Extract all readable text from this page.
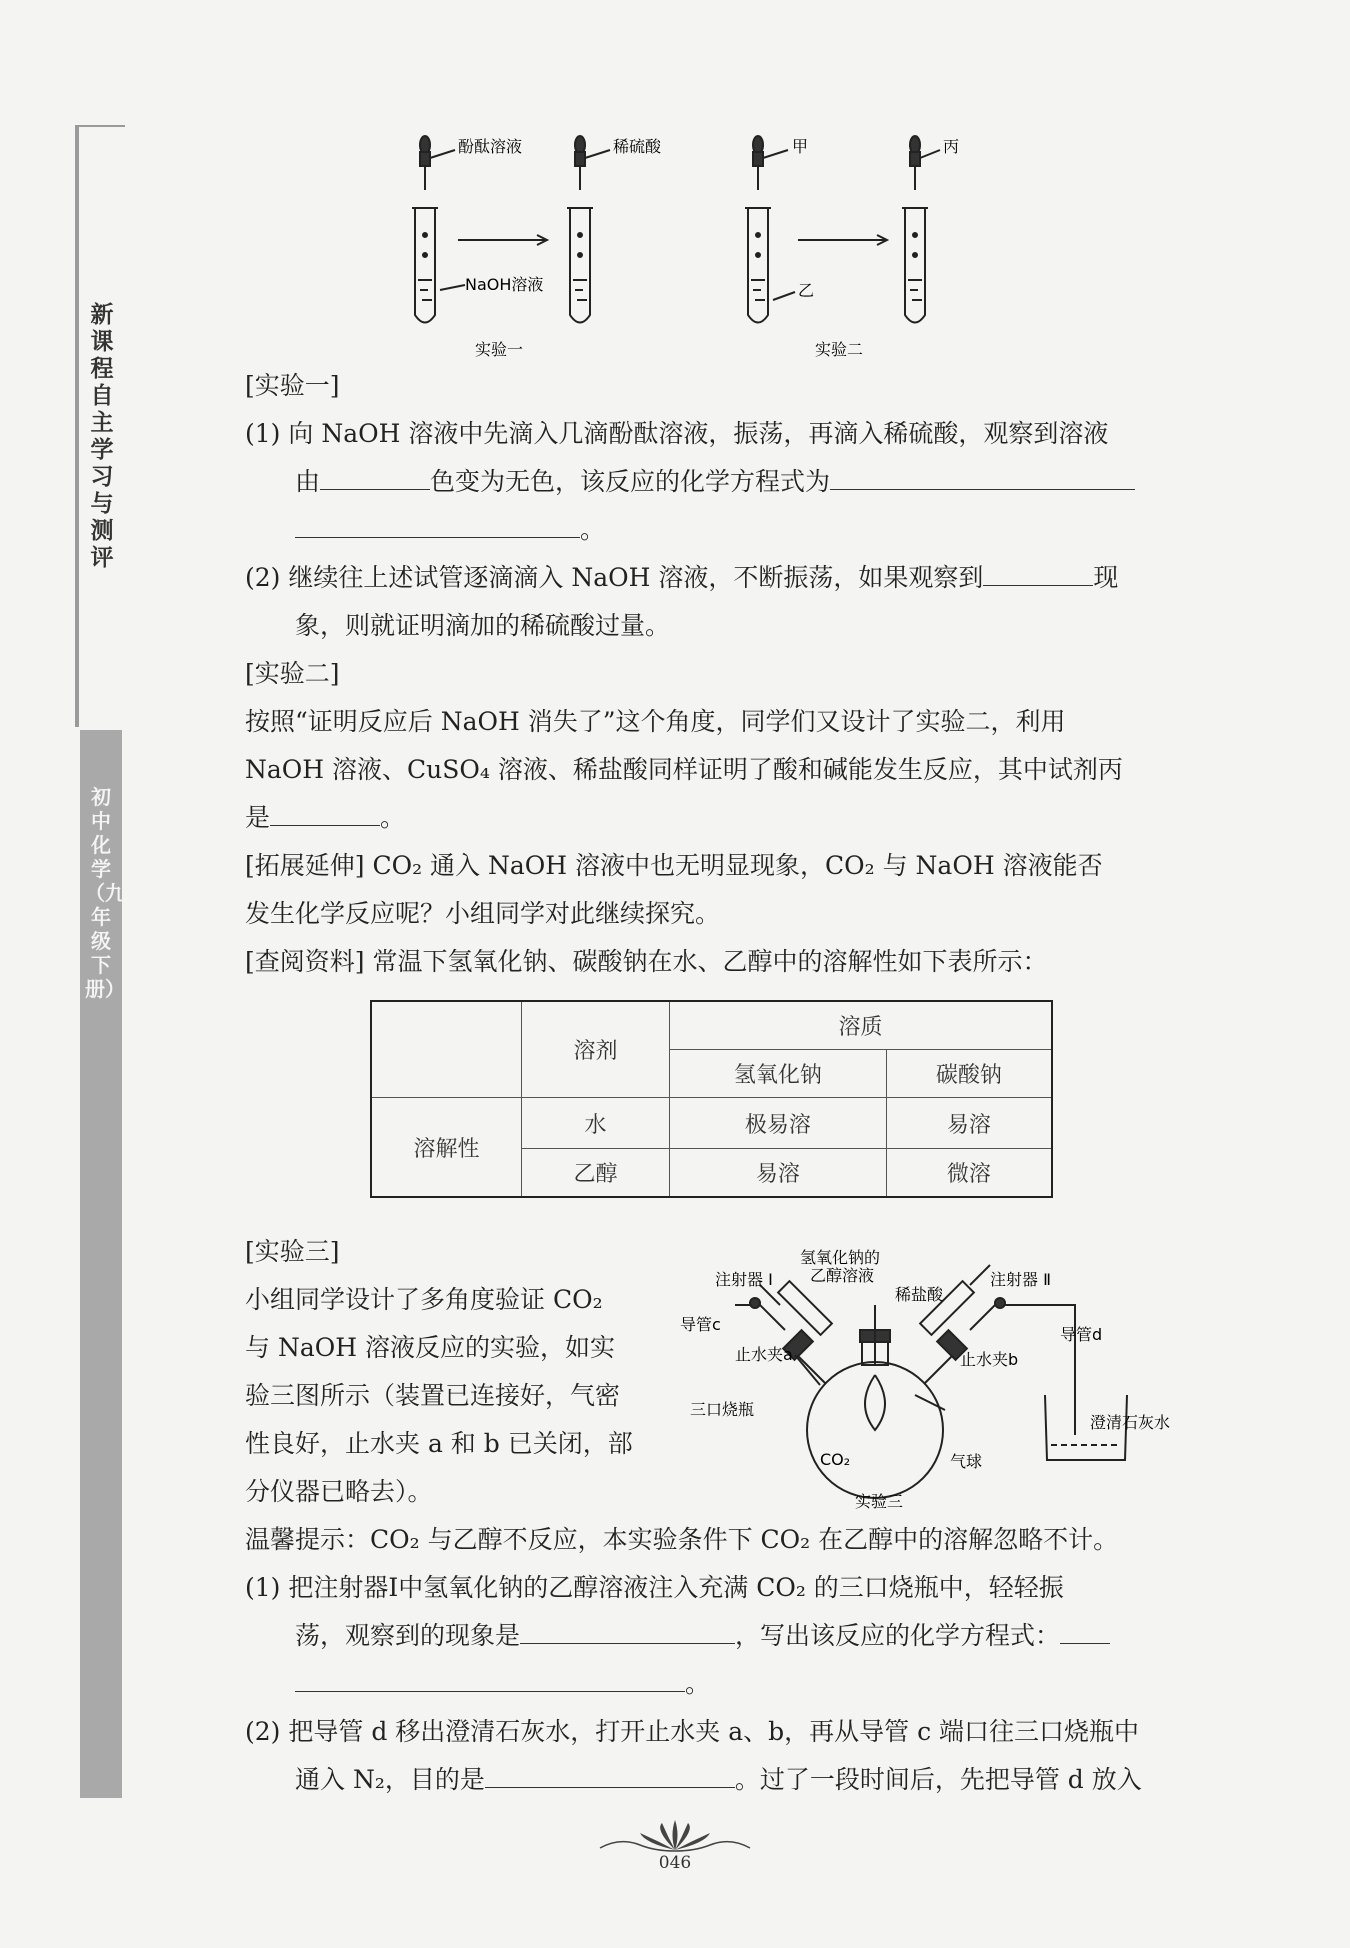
新课程自主学习与测评
初中化学（九年级下册）
酚酞溶液	稀硫酸
NaOH溶液
实验一
甲	丙
乙
实验二
[实验一]
(1) 向 NaOH 溶液中先滴入几滴酚酞溶液，振荡，再滴入稀硫酸，观察到溶液
由	色变为无色，该反应的化学方程式为
。
(2) 继续往上述试管逐滴滴入 NaOH 溶液，不断振荡，如果观察到	现
象，则就证明滴加的稀硫酸过量。
[实验二]
按照“证明反应后 NaOH 消失了”这个角度，同学们又设计了实验二，利用
NaOH 溶液、CuSO₄ 溶液、稀盐酸同样证明了酸和碱能发生反应，其中试剂丙
是	。
[拓展延伸] CO₂ 通入 NaOH 溶液中也无明显现象，CO₂ 与 NaOH 溶液能否
发生化学反应呢？小组同学对此继续探究。
[查阅资料] 常温下氢氧化钠、碳酸钠在水、乙醇中的溶解性如下表所示：
	溶剂	溶质	
		氢氧化钠	碳酸钠
溶解性	水	极易溶	易溶
	乙醇	易溶	微溶
[实验三]
小组同学设计了多角度验证 CO₂
与 NaOH 溶液反应的实验，如实
验三图所示（装置已连接好，气密
性良好，止水夹 a 和 b 已关闭，部
分仪器已略去）。
氢氧化钠的
乙醇溶液
注射器 Ⅰ	注射器 Ⅱ
稀盐酸
导管c
导管d
止水夹a	止水夹b
三口烧瓶
澄清石灰水
CO₂	气球
实验三
温馨提示：CO₂ 与乙醇不反应，本实验条件下 CO₂ 在乙醇中的溶解忽略不计。
(1) 把注射器Ⅰ中氢氧化钠的乙醇溶液注入充满 CO₂ 的三口烧瓶中，轻轻振
荡，观察到的现象是	，写出该反应的化学方程式：
。
(2) 把导管 d 移出澄清石灰水，打开止水夹 a、b，再从导管 c 端口往三口烧瓶中
通入 N₂，目的是	。过了一段时间后，先把导管 d 放入
046
